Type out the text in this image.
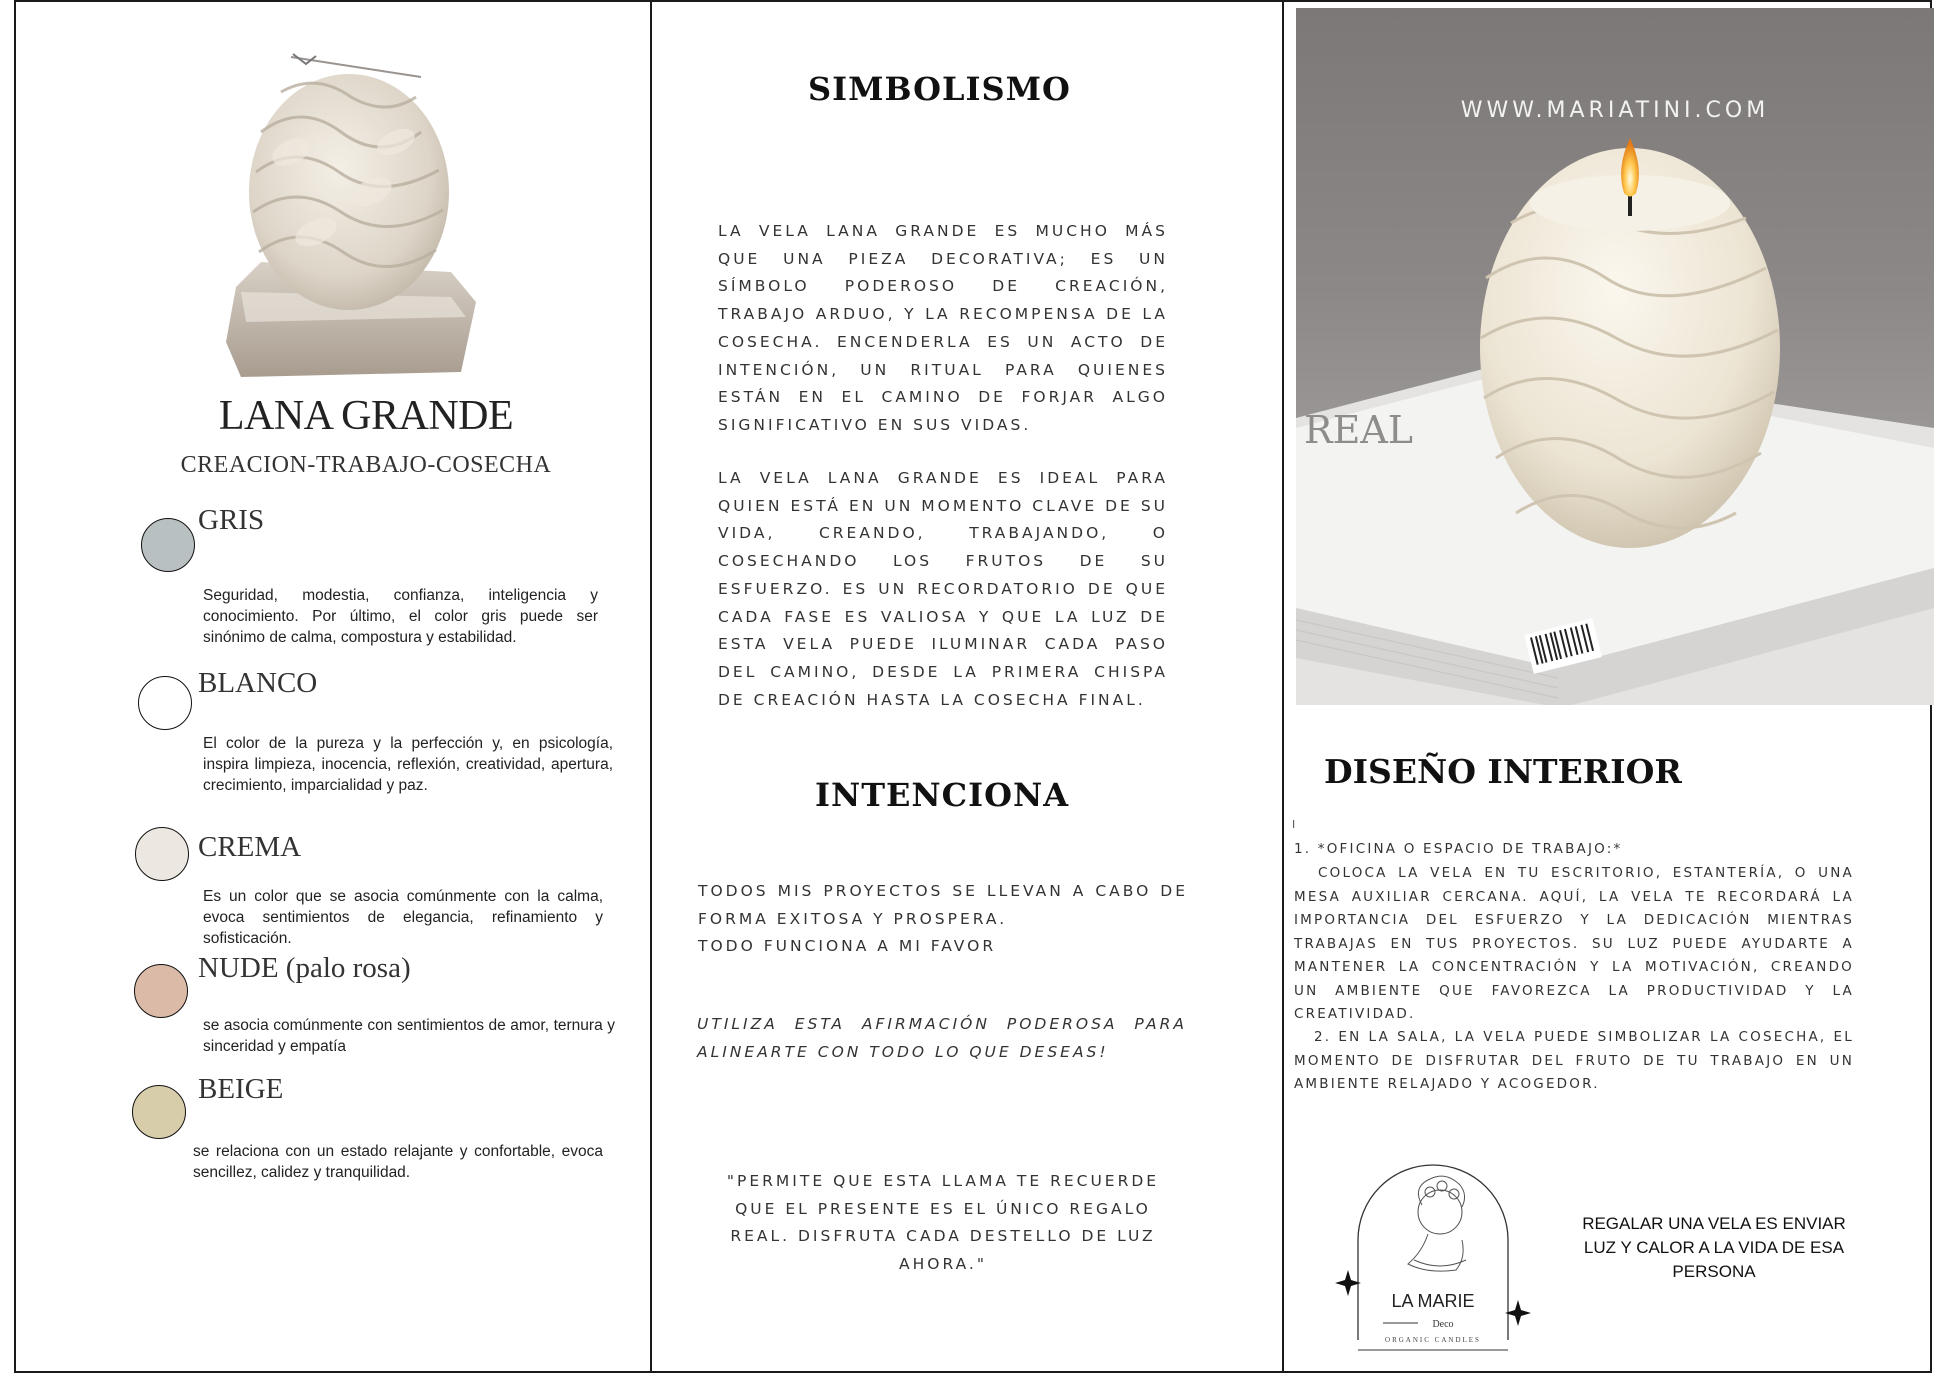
LANA GRANDE
CREACION-TRABAJO-COSECHA
GRIS
Seguridad, modestia, confianza, inteligencia y conocimiento. Por último, el color gris puede ser sinónimo de calma, compostura y estabilidad.
BLANCO
El color de la pureza y la perfección y, en psicología, inspira limpieza, inocencia, reflexión, creatividad, apertura, crecimiento, imparcialidad y paz.
CREMA
Es un color que se asocia comúnmente con la calma, evoca sentimientos de elegancia, refinamiento y sofisticación.
NUDE (palo rosa)
se asocia comúnmente con sentimientos de amor, ternura y sinceridad y empatía
BEIGE
se relaciona con un estado relajante y confortable, evoca sencillez, calidez y tranquilidad.
SIMBOLISMO
LA VELA LANA GRANDE ES MUCHO MÁS QUE UNA PIEZA DECORATIVA; ES UN SÍMBOLO PODEROSO DE CREACIÓN, TRABAJO ARDUO, Y LA RECOMPENSA DE LA COSECHA. ENCENDERLA ES UN ACTO DE INTENCIÓN, UN RITUAL PARA QUIENES ESTÁN EN EL CAMINO DE FORJAR ALGO SIGNIFICATIVO EN SUS VIDAS.
LA VELA LANA GRANDE ES IDEAL PARA QUIEN ESTÁ EN UN MOMENTO CLAVE DE SU VIDA, CREANDO, TRABAJANDO, O COSECHANDO LOS FRUTOS DE SU ESFUERZO. ES UN RECORDATORIO DE QUE CADA FASE ES VALIOSA Y QUE LA LUZ DE ESTA VELA PUEDE ILUMINAR CADA PASO DEL CAMINO, DESDE LA PRIMERA CHISPA DE CREACIÓN HASTA LA COSECHA FINAL.
INTENCIONA
TODOS MIS PROYECTOS SE LLEVAN A CABO DE FORMA EXITOSA Y PROSPERA.
TODO FUNCIONA A MI FAVOR
UTILIZA ESTA AFIRMACIÓN PODEROSA PARA ALINEARTE CON TODO LO QUE DESEAS!
"PERMITE QUE ESTA LLAMA TE RECUERDE QUE EL PRESENTE ES EL ÚNICO REGALO REAL. DISFRUTA CADA DESTELLO DE LUZ AHORA."
REAL
WWW.MARIATINI.COM
DISEÑO INTERIOR
I
1. *OFICINA O ESPACIO DE TRABAJO:*
COLOCA LA VELA EN TU ESCRITORIO, ESTANTERÍA, O UNA MESA AUXILIAR CERCANA. AQUÍ, LA VELA TE RECORDARÁ LA IMPORTANCIA DEL ESFUERZO Y LA DEDICACIÓN MIENTRAS TRABAJAS EN TUS PROYECTOS. SU LUZ PUEDE AYUDARTE A MANTENER LA CONCENTRACIÓN Y LA MOTIVACIÓN, CREANDO UN AMBIENTE QUE FAVOREZCA LA PRODUCTIVIDAD Y LA CREATIVIDAD.
2. EN LA SALA, LA VELA PUEDE SIMBOLIZAR LA COSECHA, EL MOMENTO DE DISFRUTAR DEL FRUTO DE TU TRABAJO EN UN AMBIENTE RELAJADO Y ACOGEDOR.
LA MARIE
Deco
ORGANIC CANDLES
REGALAR UNA VELA ES ENVIAR LUZ Y CALOR A LA VIDA DE ESA PERSONA
